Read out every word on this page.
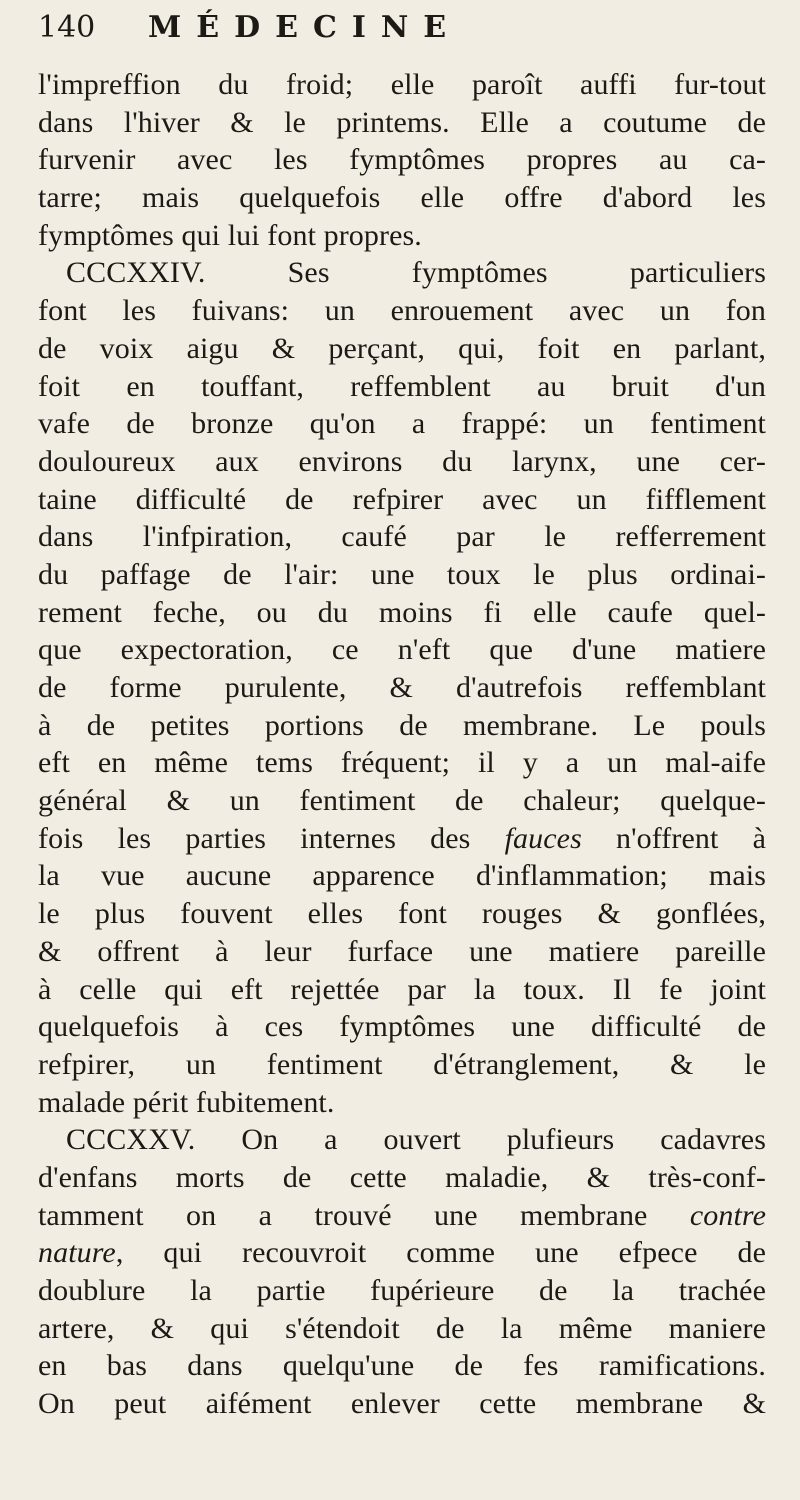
140	MÉDECINE
l'impreffion du froid; elle paroît auffi fur-tout
dans l'hiver & le printems. Elle a coutume de
furvenir avec les fymptômes propres au ca-
tarre; mais quelquefois elle offre d'abord les
fymptômes qui lui font propres.
CCCXXIV. Ses fymptômes particuliers
font les fuivans: un enrouement avec un fon
de voix aigu & perçant, qui, foit en parlant,
foit en touffant, reffemblent au bruit d'un
vafe de bronze qu'on a frappé: un fentiment
douloureux aux environs du larynx, une cer-
taine difficulté de refpirer avec un fifflement
dans l'infpiration, caufé par le refferrement
du paffage de l'air: une toux le plus ordinai-
rement feche, ou du moins fi elle caufe quel-
que expectoration, ce n'eft que d'une matiere
de forme purulente, & d'autrefois reffemblant
à de petites portions de membrane. Le pouls
eft en même tems fréquent; il y a un mal-aife
général & un fentiment de chaleur; quelque-
fois les parties internes des fauces n'offrent à
la vue aucune apparence d'inflammation; mais
le plus fouvent elles font rouges & gonflées,
& offrent à leur furface une matiere pareille
à celle qui eft rejettée par la toux. Il fe joint
quelquefois à ces fymptômes une difficulté de
refpirer, un fentiment d'étranglement, & le
malade périt fubitement.
CCCXXV. On a ouvert plufieurs cadavres
d'enfans morts de cette maladie, & très-conf-
tamment on a trouvé une membrane contre
nature, qui recouvroit comme une efpece de
doublure la partie fupérieure de la trachée
artere, & qui s'étendoit de la même maniere
en bas dans quelqu'une de fes ramifications.
On peut aifément enlever cette membrane &
